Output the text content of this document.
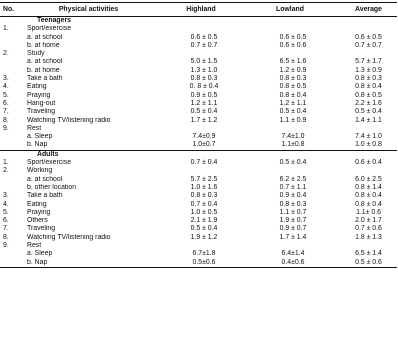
No.	Physical activities	Highland	Lowland	Average
Teenagers
1.	Sport/exercise
a. at school	0.6 ± 0.5	0.6 ± 0.5	0.6 ± 0.5
b. at home	0.7 ± 0.7	0.6 ± 0.6	0.7 ± 0.7
2.	Study
a. at school	5.0 ± 1.5	6.5 ± 1.6	5.7 ± 1.7
b. at home	1.3 ± 1.0	1.2 ± 0.9	1.3 ± 0.9
3.	Take a bath	0.8 ± 0.3	0.8 ± 0.3	0.8 ± 0.3
4.	Eating	0. 8 ± 0.4	0.8 ± 0.5	0.8 ± 0.4
5.	Praying	0.9 ± 0.5	0.8 ± 0.4	0.8 ± 0.5
6.	Hang-out	1.2 ± 1.1	1.2 ± 1.1	2.2 ± 1.6
7.	Traveling	0.5 ± 0.4	0.5 ± 0.4	0.5 ± 0.4
8.	Watching TV/listening radio	1.7 ± 1.2	1.1 ± 0.9	1.4 ± 1.1
9.	Rest
a. Sleep	7.4±0.9	7.4±1.0	7.4 ± 1.0
b. Nap	1.0±0.7	1.1±0.8	1.0 ± 0.8
Adults
1.	Sport/exercise	0.7 ± 0.4	0.5 ± 0.4	0.6 ± 0.4
2.	Working
a. at school	5.7 ± 2.5	6.2 ± 2.5	6.0 ± 2.5
b. other location	1.0 ± 1.6	0.7 ± 1.1	0.8 ± 1.4
3.	Take a bath	0.8 ± 0.3	0.9 ± 0.4	0.8 ± 0.4
4.	Eating	0.7 ± 0.4	0.8 ± 0.3	0.8 ± 0.4
5.	Praying	1.0 ± 0.5	1.1 ± 0.7	1.1± 0.6
6.	Others	2.1 ± 1.9	1.9 ± 0.7	2.0 ± 1.7
7.	Traveling	0.5 ± 0.4	0.9 ± 0.7	0.7 ± 0.6
8.	Watching TV/listening radio	1.9 ± 1.2	1.7 ± 1.4	1.8 ± 1.3
9.	Rest
a. Sleep	6.7±1.8	6.4±1.4	6.5 ± 1.4
b. Nap	0.5±0.6	0.4±0.6	0.5 ± 0.6
